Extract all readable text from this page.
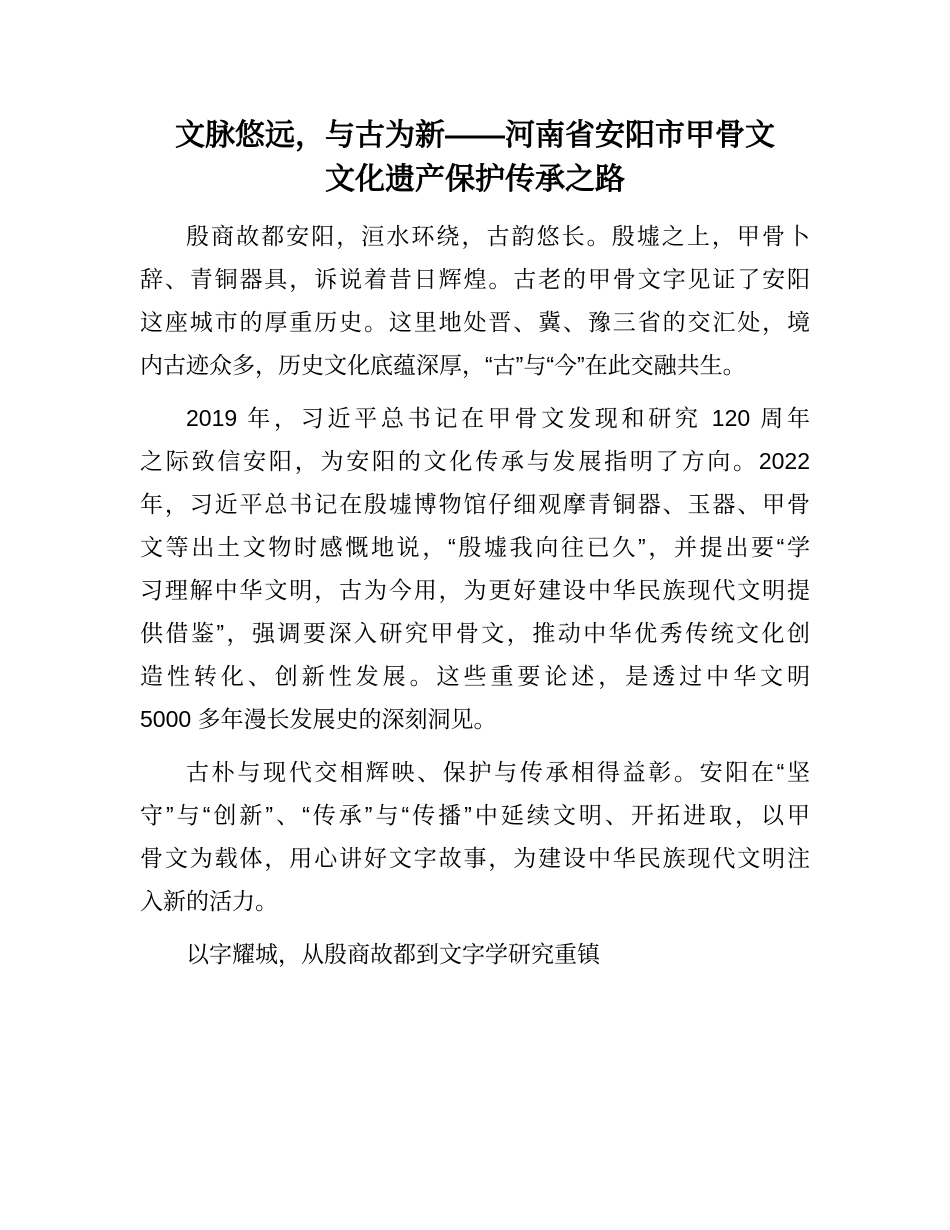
文脉悠远，与古为新——河南省安阳市甲骨文
文化遗产保护传承之路
殷商故都安阳，洹水环绕，古韵悠长。殷墟之上，甲骨卜
辞、青铜器具，诉说着昔日辉煌。古老的甲骨文字见证了安阳
这座城市的厚重历史。这里地处晋、冀、豫三省的交汇处，境
内古迹众多，历史文化底蕴深厚，“古”与“今”在此交融共生。
2019 年，习近平总书记在甲骨文发现和研究 120 周年
之际致信安阳，为安阳的文化传承与发展指明了方向。2022
年，习近平总书记在殷墟博物馆仔细观摩青铜器、玉器、甲骨
文等出土文物时感慨地说，“殷墟我向往已久”，并提出要“学
习理解中华文明，古为今用，为更好建设中华民族现代文明提
供借鉴”，强调要深入研究甲骨文，推动中华优秀传统文化创
造性转化、创新性发展。这些重要论述，是透过中华文明
5000 多年漫长发展史的深刻洞见。
古朴与现代交相辉映、保护与传承相得益彰。安阳在“坚
守”与“创新”、“传承”与“传播”中延续文明、开拓进取，以甲
骨文为载体，用心讲好文字故事，为建设中华民族现代文明注
入新的活力。
以字耀城，从殷商故都到文字学研究重镇
